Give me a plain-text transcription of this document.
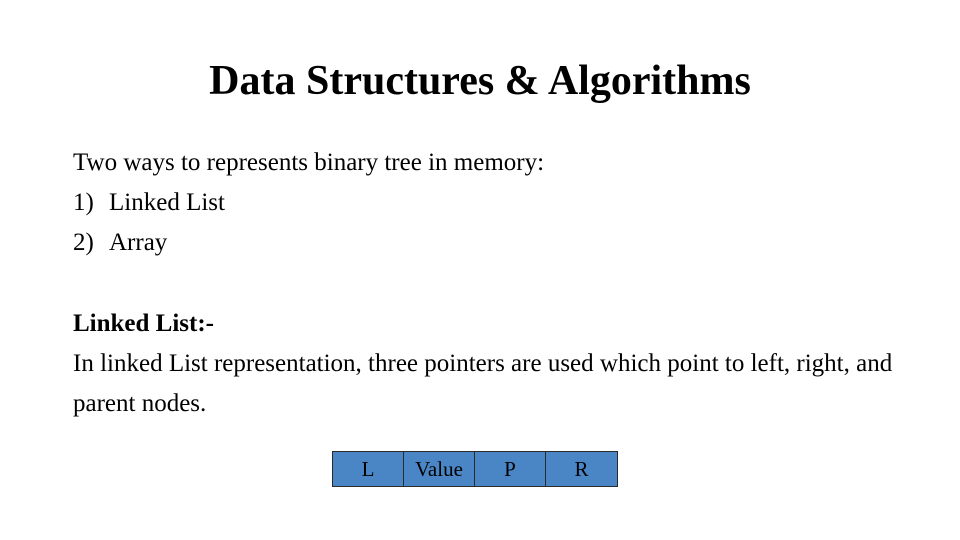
Data Structures & Algorithms
Two ways to represents binary tree in memory:
1) Linked List
2) Array
Linked List:-
In linked List representation, three pointers are used which point to left, right, and parent nodes.
L	Value	P	R
